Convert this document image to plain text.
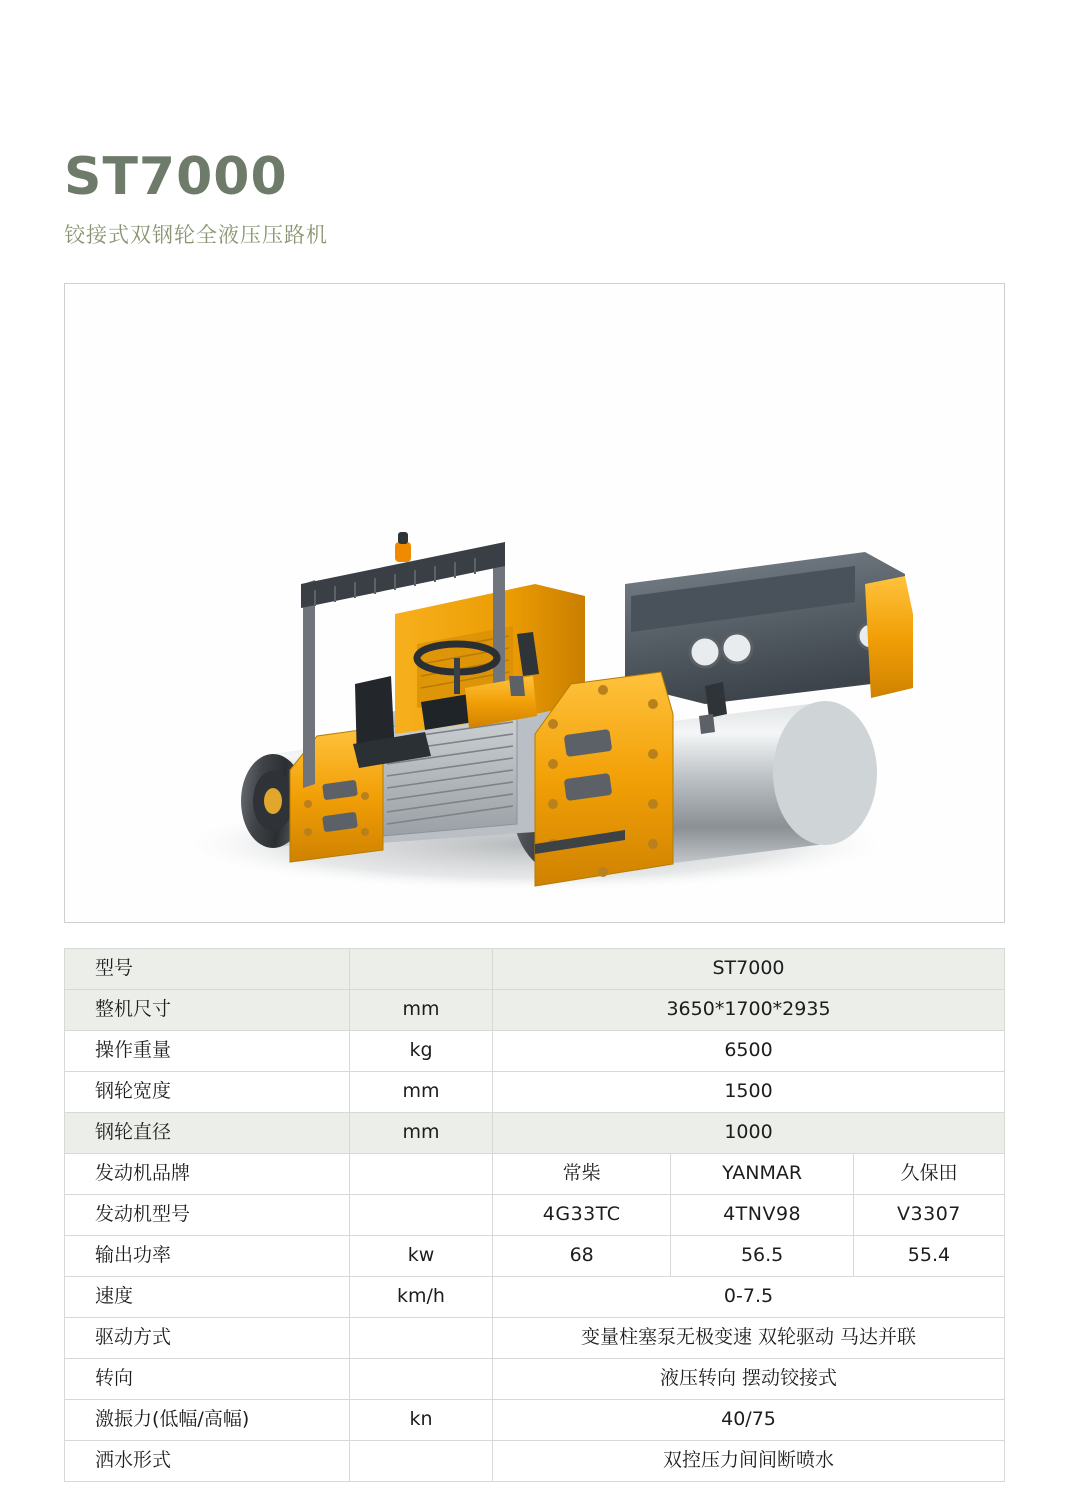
ST7000
铰接式双钢轮全液压压路机
型号		ST7000		
整机尺寸	mm	3650*1700*2935		
操作重量	kg	6500		
钢轮宽度	mm	1500		
钢轮直径	mm	1000		
发动机品牌		常柴	YANMAR	久保田
发动机型号		4G33TC	4TNV98	V3307
输出功率	kw	68	56.5	55.4
速度	km/h	0-7.5		
驱动方式		变量柱塞泵无极变速 双轮驱动 马达并联		
转向		液压转向 摆动铰接式		
激振力(低幅/高幅)	kn	40/75		
洒水形式		双控压力间间断喷水		
